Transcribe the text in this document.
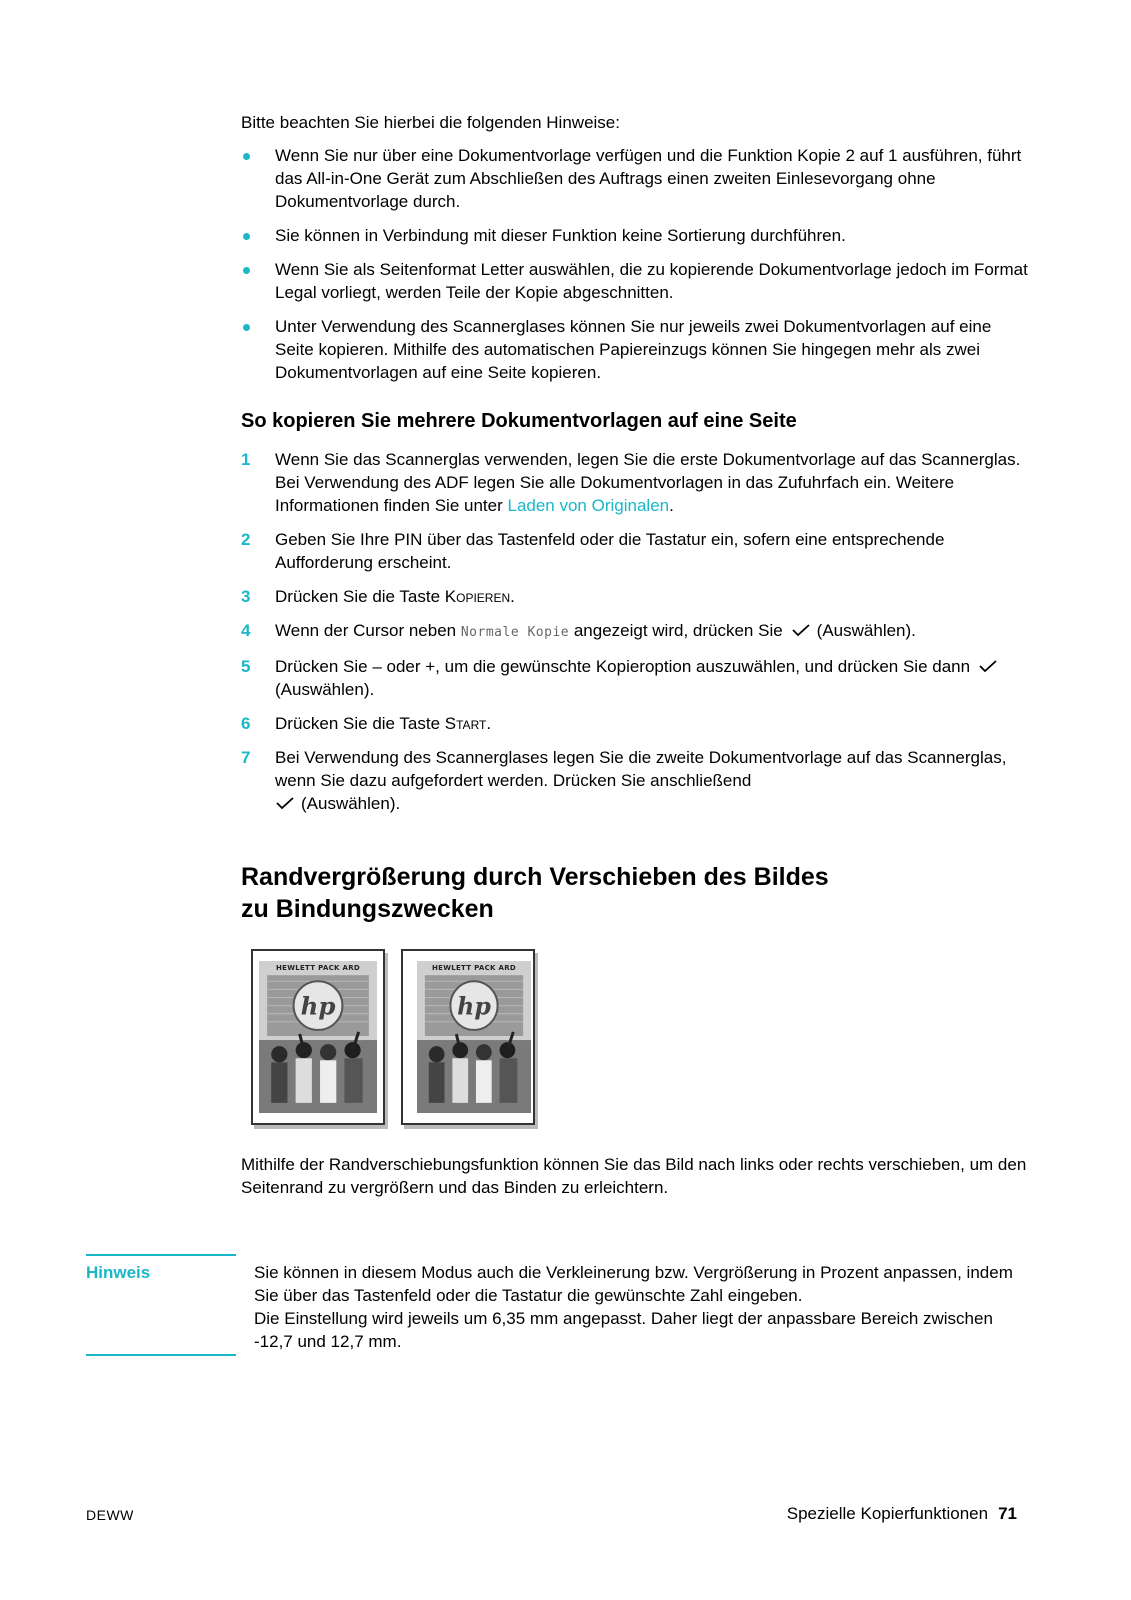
Bitte beachten Sie hierbei die folgenden Hinweise:

Wenn Sie nur über eine Dokumentvorlage verfügen und die Funktion Kopie 2 auf 1 ausführen, führt das All-in-One Gerät zum Abschließen des Auftrags einen zweiten Einlesevorgang ohne Dokumentvorlage durch.
Sie können in Verbindung mit dieser Funktion keine Sortierung durchführen.
Wenn Sie als Seitenformat Letter auswählen, die zu kopierende Dokumentvorlage jedoch im Format Legal vorliegt, werden Teile der Kopie abgeschnitten.
Unter Verwendung des Scannerglases können Sie nur jeweils zwei Dokumentvorlagen auf eine Seite kopieren. Mithilfe des automatischen Papiereinzugs können Sie hingegen mehr als zwei Dokumentvorlagen auf eine Seite kopieren.
So kopieren Sie mehrere Dokumentvorlagen auf eine Seite
1 Wenn Sie das Scannerglas verwenden, legen Sie die erste Dokumentvorlage auf das Scannerglas. Bei Verwendung des ADF legen Sie alle Dokumentvorlagen in das Zufuhrfach ein. Weitere Informationen finden Sie unter Laden von Originalen.
2 Geben Sie Ihre PIN über das Tastenfeld oder die Tastatur ein, sofern eine entsprechende Aufforderung erscheint.
3 Drücken Sie die Taste Kopieren.
4 Wenn der Cursor neben Normale Kopie angezeigt wird, drücken Sie (Auswählen).
5 Drücken Sie – oder +, um die gewünschte Kopieroption auszuwählen, und drücken Sie dann(Auswählen).
6 Drücken Sie die Taste Start.
7 Bei Verwendung des Scannerglases legen Sie die zweite Dokumentvorlage auf das Scannerglas, wenn Sie dazu aufgefordert werden. Drücken Sie anschließend
(Auswählen).
Randvergrößerung durch Verschieben des Bildes
zu Bindungszwecken
HEWLETT PACK ARD
hp
HEWLETT PACK ARD
hp

Mithilfe der Randverschiebungsfunktion können Sie das Bild nach links oder rechts verschieben, um den Seitenrand zu vergrößern und das Binden zu erleichtern.

Hinweis	Sie können in diesem Modus auch die Verkleinerung bzw. Vergrößerung in Prozent anpassen, indem Sie über das Tastenfeld oder die Tastatur die gewünschte Zahl eingeben.

Die Einstellung wird jeweils um 6,35 mm angepasst. Daher liegt der anpassbare Bereich zwischen -12,7 und 12,7 mm.

DEWW	Spezielle Kopierfunktionen 71
